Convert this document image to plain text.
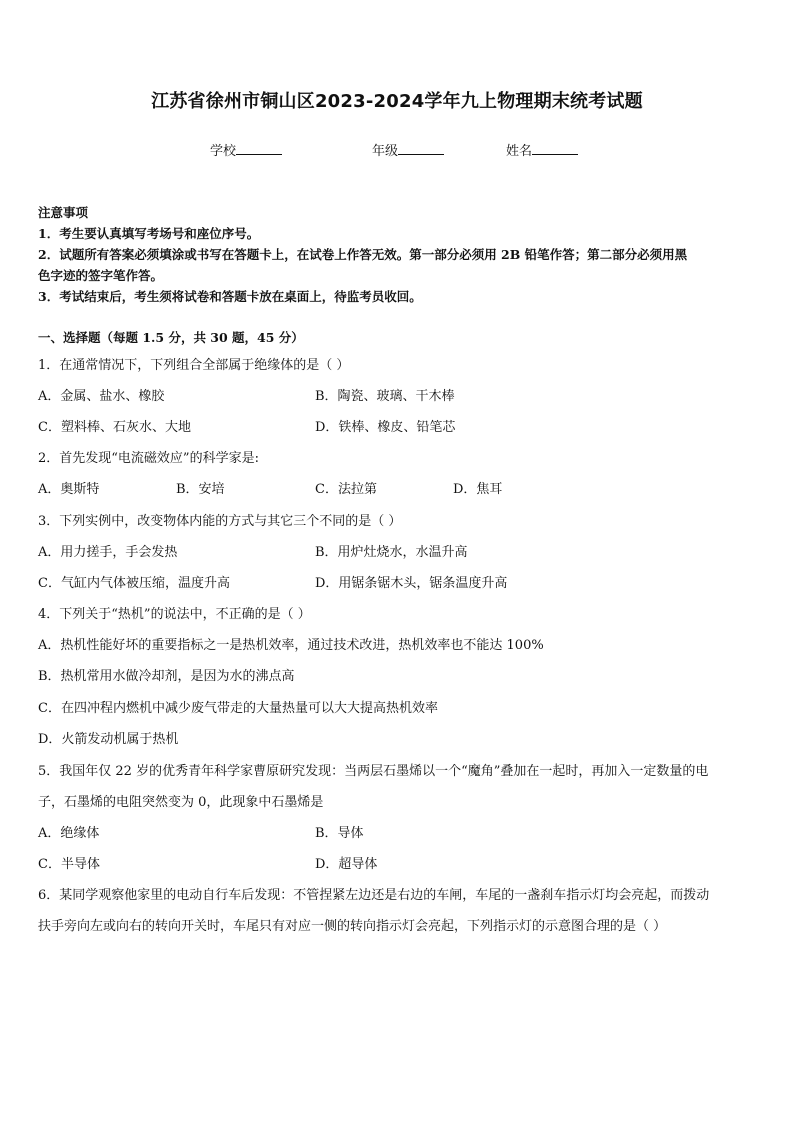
江苏省徐州市铜山区2023-2024学年九上物理期末统考试题
学校	年级	姓名
注意事项
1．考生要认真填写考场号和座位序号。
2．试题所有答案必须填涂或书写在答题卡上，在试卷上作答无效。第一部分必须用 2B 铅笔作答；第二部分必须用黑
色字迹的签字笔作答。
3．考试结束后，考生须将试卷和答题卡放在桌面上，待监考员收回。
一、选择题（每题 1.5 分，共 30 题，45 分）
1．在通常情况下，下列组合全部属于绝缘体的是（ ）
A．金属、盐水、橡胶	B．陶瓷、玻璃、干木棒
C．塑料棒、石灰水、大地	D．铁棒、橡皮、铅笔芯
2．首先发现“电流磁效应”的科学家是:
A．奥斯特	B．安培	C．法拉第	D．焦耳
3．下列实例中，改变物体内能的方式与其它三个不同的是（ ）
A．用力搓手，手会发热	B．用炉灶烧水，水温升高
C．气缸内气体被压缩，温度升高	D．用锯条锯木头，锯条温度升高
4．下列关于“热机”的说法中，不正确的是（ ）
A．热机性能好坏的重要指标之一是热机效率，通过技术改进，热机效率也不能达 100%
B．热机常用水做冷却剂，是因为水的沸点高
C．在四冲程内燃机中减少废气带走的大量热量可以大大提高热机效率
D．火箭发动机属于热机
5．我国年仅 22 岁的优秀青年科学家曹原研究发现：当两层石墨烯以一个“魔角”叠加在一起时，再加入一定数量的电
子，石墨烯的电阻突然变为 0，此现象中石墨烯是
A．绝缘体	B．导体
C．半导体	D．超导体
6．某同学观察他家里的电动自行车后发现：不管捏紧左边还是右边的车闸，车尾的一盏刹车指示灯均会亮起，而拨动
扶手旁向左或向右的转向开关时，车尾只有对应一侧的转向指示灯会亮起，下列指示灯的示意图合理的是（ ）
